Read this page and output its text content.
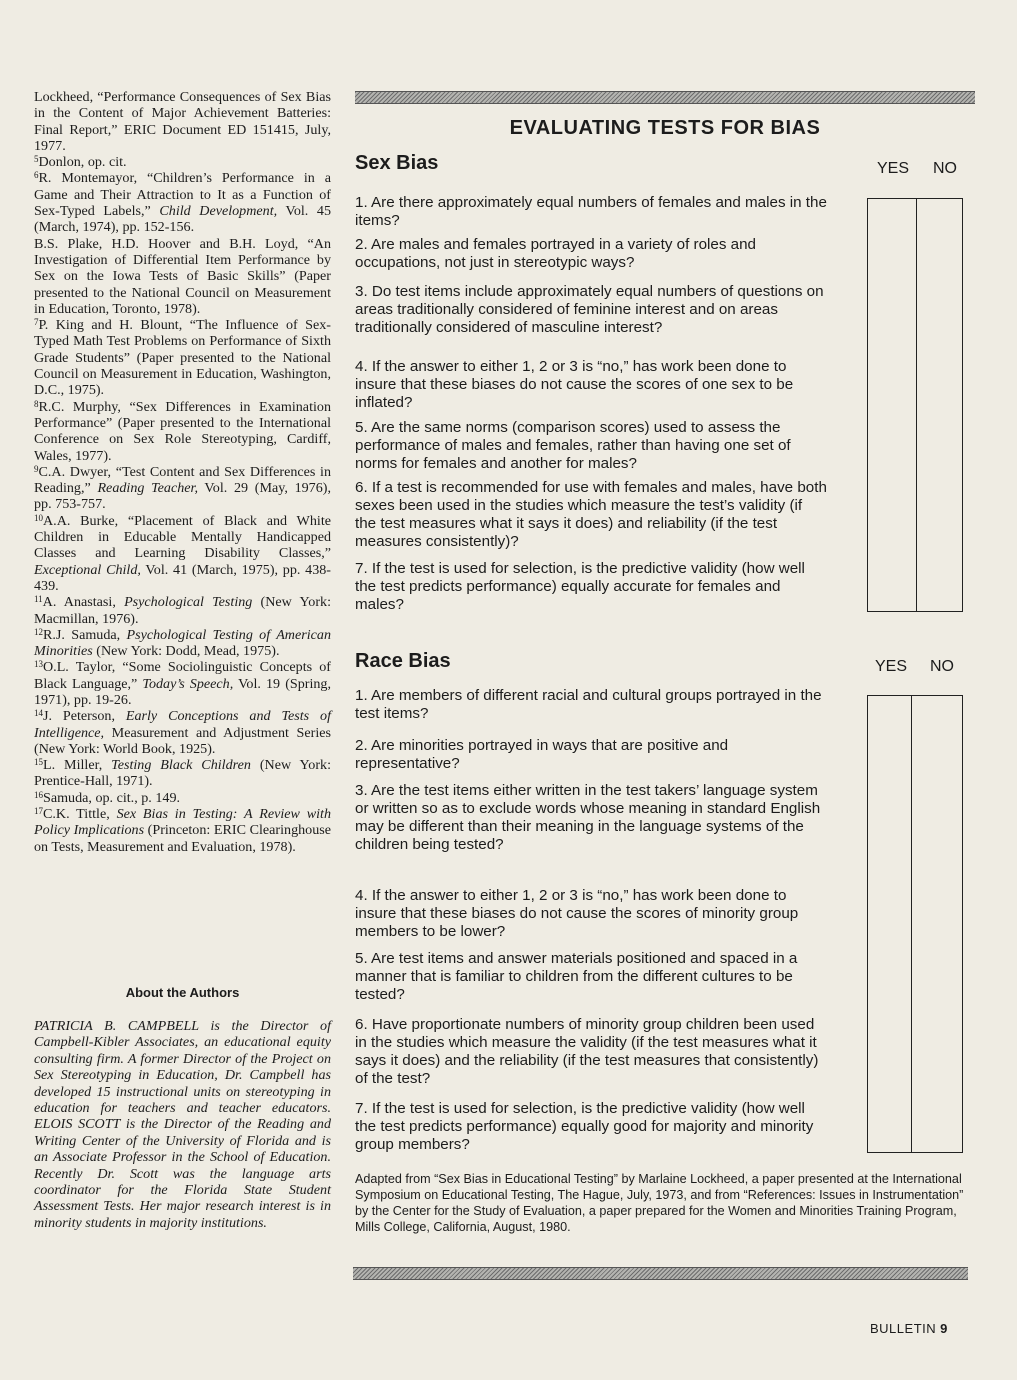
Lockheed, “Performance Consequences of Sex Bias in the Content of Major Achievement Batteries: Final Report,” ERIC Document ED 151415, July, 1977.

$^5$Donlon, op. cit.

$^6$R. Montemayor, “Children’s Performance in a Game and Their Attraction to It as a Function of Sex-Typed Labels,” Child Development, Vol. 45 (March, 1974), pp. 152-156.

B.S. Plake, H.D. Hoover and B.H. Loyd, “An Investigation of Differential Item Performance by Sex on the Iowa Tests of Basic Skills” (Paper presented to the National Council on Measurement in Education, Toronto, 1978).

$^7$P. King and H. Blount, “The Influence of Sex-Typed Math Test Problems on Performance of Sixth Grade Students” (Paper presented to the National Council on Measurement in Education, Washington, D.C., 1975).

$^8$R.C. Murphy, “Sex Differences in Examination Performance” (Paper presented to the International Conference on Sex Role Stereotyping, Cardiff, Wales, 1977).

$^9$C.A. Dwyer, “Test Content and Sex Differences in Reading,” Reading Teacher, Vol. 29 (May, 1976), pp. 753-757.

$^{10}$A.A. Burke, “Placement of Black and White Children in Educable Mentally Handicapped Classes and Learning Disability Classes,” Exceptional Child, Vol. 41 (March, 1975), pp. 438-439.

$^{11}$A. Anastasi, Psychological Testing (New York: Macmillan, 1976).

$^{12}$R.J. Samuda, Psychological Testing of American Minorities (New York: Dodd, Mead, 1975).

$^{13}$O.L. Taylor, “Some Sociolinguistic Concepts of Black Language,” Today’s Speech, Vol. 19 (Spring, 1971), pp. 19-26.

$^{14}$J. Peterson, Early Conceptions and Tests of Intelligence, Measurement and Adjustment Series (New York: World Book, 1925).

$^{15}$L. Miller, Testing Black Children (New York: Prentice-Hall, 1971).

$^{16}$Samuda, op. cit., p. 149.

$^{17}$C.K. Tittle, Sex Bias in Testing: A Review with Policy Implications (Princeton: ERIC Clearinghouse on Tests, Measurement and Evaluation, 1978).

About the Authors
PATRICIA B. CAMPBELL is the Director of Campbell-Kibler Associates, an educational equity consulting firm. A former Director of the Project on Sex Stereotyping in Education, Dr. Campbell has developed 15 instructional units on stereotyping in education for teachers and teacher educators. ELOIS SCOTT is the Director of the Reading and Writing Center of the University of Florida and is an Associate Professor in the School of Education. Recently Dr. Scott was the language arts coordinator for the Florida State Student Assessment Tests. Her major research interest is in minority students in majority institutions.
EVALUATING TESTS FOR BIAS
Sex Bias	YES NO

1. Are there approximately equal numbers of females and males in the items?

2. Are males and females portrayed in a variety of roles and occupations, not just in stereotypic ways?

3. Do test items include approximately equal numbers of questions on areas traditionally considered of feminine interest and on areas traditionally considered of masculine interest?

4. If the answer to either 1, 2 or 3 is “no,” has work been done to insure that these biases do not cause the scores of one sex to be inflated?

5. Are the same norms (comparison scores) used to assess the performance of males and females, rather than having one set of norms for females and another for males?

6. If a test is recommended for use with females and males, have both sexes been used in the studies which measure the test’s validity (if the test measures what it says it does) and reliability (if the test measures consistently)?

7. If the test is used for selection, is the predictive validity (how well the test predicts performance) equally accurate for females and males?

Race Bias	YES NO

1. Are members of different racial and cultural groups portrayed in the test items?

2. Are minorities portrayed in ways that are positive and representative?

3. Are the test items either written in the test takers’ language system or written so as to exclude words whose meaning in standard English may be different than their meaning in the language systems of the children being tested?

4. If the answer to either 1, 2 or 3 is “no,” has work been done to insure that these biases do not cause the scores of minority group members to be lower?

5. Are test items and answer materials positioned and spaced in a manner that is familiar to children from the different cultures to be tested?

6. Have proportionate numbers of minority group children been used in the studies which measure the validity (if the test measures what it says it does) and the reliability (if the test measures that consistently) of the test?

7. If the test is used for selection, is the predictive validity (how well the test predicts performance) equally good for majority and minority group members?

Adapted from “Sex Bias in Educational Testing” by Marlaine Lockheed, a paper presented at the International Symposium on Educational Testing, The Hague, July, 1973, and from “References: Issues in Instrumentation” by the Center for the Study of Evaluation, a paper prepared for the Women and Minorities Training Program, Mills College, California, August, 1980.
BULLETIN 9
